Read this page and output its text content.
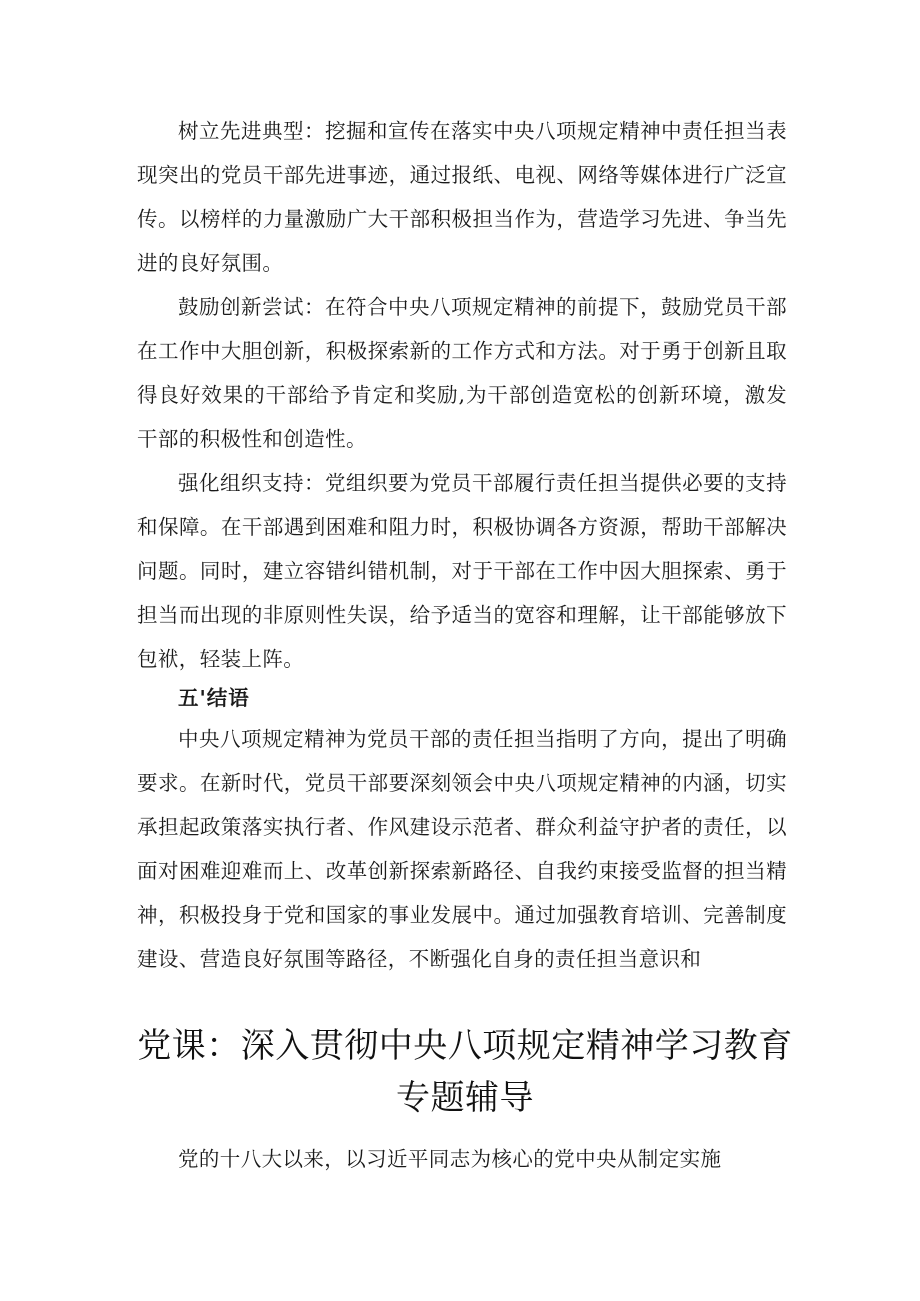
树立先进典型：挖掘和宣传在落实中央八项规定精神中责任担当表现突出的党员干部先进事迹，通过报纸、电视、网络等媒体进行广泛宣传。以榜样的力量激励广大干部积极担当作为，营造学习先进、争当先进的良好氛围。

鼓励创新尝试：在符合中央八项规定精神的前提下，鼓励党员干部在工作中大胆创新，积极探索新的工作方式和方法。对于勇于创新且取得良好效果的干部给予肯定和奖励,为干部创造宽松的创新环境，激发干部的积极性和创造性。

强化组织支持：党组织要为党员干部履行责任担当提供必要的支持和保障。在干部遇到困难和阻力时，积极协调各方资源，帮助干部解决问题。同时，建立容错纠错机制，对于干部在工作中因大胆探索、勇于担当而出现的非原则性失误，给予适当的宽容和理解，让干部能够放下包袱，轻装上阵。

五'结语

中央八项规定精神为党员干部的责任担当指明了方向，提出了明确要求。在新时代，党员干部要深刻领会中央八项规定精神的内涵，切实承担起政策落实执行者、作风建设示范者、群众利益守护者的责任，以面对困难迎难而上、改革创新探索新路径、自我约束接受监督的担当精神，积极投身于党和国家的事业发展中。通过加强教育培训、完善制度建设、营造良好氛围等路径，不断强化自身的责任担当意识和

党课：深入贯彻中央八项规定精神学习教育
专题辅导

党的十八大以来，以习近平同志为核心的党中央从制定实施
